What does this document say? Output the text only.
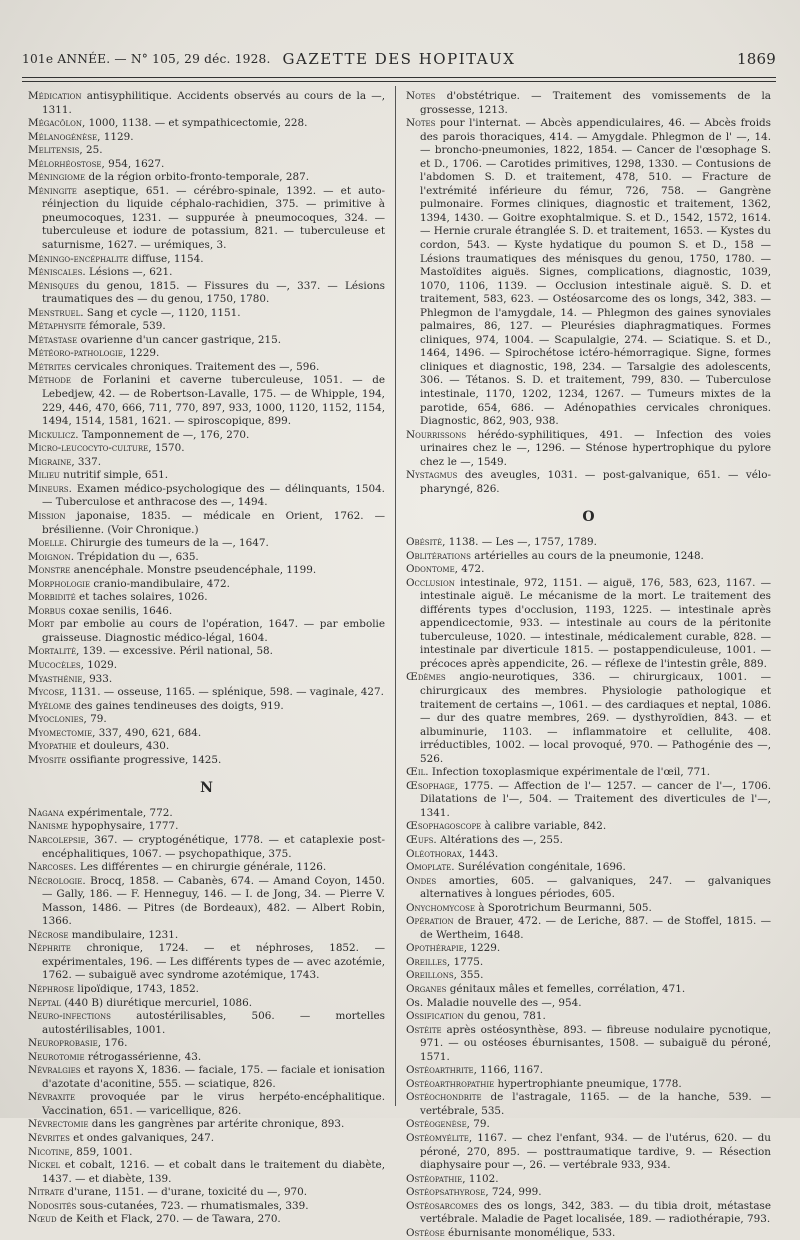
101e ANNÉE. — N° 105, 29 déc. 1928. GAZETTE DES HOPITAUX	1869
Médication antisyphilitique. Accidents observés au cours de la —, 1311.
Mégacôlon, 1000, 1138. — et sympathicectomie, 228.
Mélanogénèse, 1129.
Melitensis, 25.
Mélorhéostose, 954, 1627.
Méningiome de la région orbito-fronto-temporale, 287.
Méningite aseptique, 651. — cérébro-spinale, 1392. — et auto-réinjection du liquide céphalo-rachidien, 375. — primitive à pneumocoques, 1231. — suppurée à pneumocoques, 324. — tuberculeuse et iodure de potassium, 821. — tuberculeuse et saturnisme, 1627. — urémiques, 3.
Méningo-encéphalite diffuse, 1154.
Méniscales. Lésions —, 621.
Ménisques du genou, 1815. — Fissures du —, 337. — Lésions traumatiques des — du genou, 1750, 1780.
Menstruel. Sang et cycle —, 1120, 1151.
Métaphysite fémorale, 539.
Métastase ovarienne d'un cancer gastrique, 215.
Météoro-pathologie, 1229.
Métrites cervicales chroniques. Traitement des —, 596.
Méthode de Forlanini et caverne tuberculeuse, 1051. — de Lebedjew, 42. — de Robertson-Lavalle, 175. — de Whipple, 194, 229, 446, 470, 666, 711, 770, 897, 933, 1000, 1120, 1152, 1154, 1494, 1514, 1581, 1621. — spiroscopique, 899.
Mickulicz. Tamponnement de —, 176, 270.
Micro-leucocyto-culture, 1570.
Migraine, 337.
Milieu nutritif simple, 651.
Mineurs. Examen médico-psychologique des — délinquants, 1504. — Tuberculose et anthracose des —, 1494.
Mission japonaise, 1835. — médicale en Orient, 1762. — brésilienne. (Voir Chronique.)
Moelle. Chirurgie des tumeurs de la —, 1647.
Moignon. Trépidation du —, 635.
Monstre anencéphale. Monstre pseudencéphale, 1199.
Morphologie cranio-mandibulaire, 472.
Morbidité et taches solaires, 1026.
Morbus coxae senilis, 1646.
Mort par embolie au cours de l'opération, 1647. — par embolie graisseuse. Diagnostic médico-légal, 1604.
Mortalité, 139. — excessive. Péril national, 58.
Mucocèles, 1029.
Myasthénie, 933.
Mycose, 1131. — osseuse, 1165. — splénique, 598. — vaginale, 427.
Myélome des gaines tendineuses des doigts, 919.
Myoclonies, 79.
Myomectomie, 337, 490, 621, 684.
Myopathie et douleurs, 430.
Myosite ossifiante progressive, 1425.
N
Nagana expérimentale, 772.
Nanisme hypophysaire, 1777.
Narcolepsie, 367. — cryptogénétique, 1778. — et cataplexie post-encéphalitiques, 1067. — psychopathique, 375.
Narcoses. Les différentes — en chirurgie générale, 1126.
Nécrologie. Brocq, 1858. — Cabanès, 674. — Amand Coyon, 1450. — Gally, 186. — F. Henneguy, 146. — I. de Jong, 34. — Pierre V. Masson, 1486. — Pitres (de Bordeaux), 482. — Albert Robin, 1366.
Nécrose mandibulaire, 1231.
Néphrite chronique, 1724. — et néphroses, 1852. — expérimentales, 196. — Les différents types de — avec azotémie, 1762. — subaiguë avec syndrome azotémique, 1743.
Néphrose lipoïdique, 1743, 1852.
Neptal (440 B) diurétique mercuriel, 1086.
Neuro-infections autostérilisables, 506. — mortelles autostérilisables, 1001.
Neuroprobasie, 176.
Neurotomie rétrogassérienne, 43.
Névralgies et rayons X, 1836. — faciale, 175. — faciale et ionisation d'azotate d'aconitine, 555. — sciatique, 826.
Névraxite provoquée par le virus herpéto-encéphalitique. Vaccination, 651. — varicellique, 826.
Névrectomie dans les gangrènes par artérite chronique, 893.
Névrites et ondes galvaniques, 247.
Nicotine, 859, 1001.
Nickel et cobalt, 1216. — et cobalt dans le traitement du diabète, 1437. — et diabète, 139.
Nitrate d'urane, 1151. — d'urane, toxicité du —, 970.
Nodosités sous-cutanées, 723. — rhumatismales, 339.
Nœud de Keith et Flack, 270. — de Tawara, 270.
Notes d'obstétrique. — Traitement des vomissements de la grossesse, 1213.
Notes pour l'internat. — Abcès appendiculaires, 46. — Abcès froids des parois thoraciques, 414. — Amygdale. Phlegmon de l' —, 14. — broncho-pneumonies, 1822, 1854. — Cancer de l'œsophage S. et D., 1706. — Carotides primitives, 1298, 1330. — Contusions de l'abdomen S. D. et traitement, 478, 510. — Fracture de l'extrémité inférieure du fémur, 726, 758. — Gangrène pulmonaire. Formes cliniques, diagnostic et traitement, 1362, 1394, 1430. — Goitre exophtalmique. S. et D., 1542, 1572, 1614. — Hernie crurale étranglée S. D. et traitement, 1653. — Kystes du cordon, 543. — Kyste hydatique du poumon S. et D., 158 — Lésions traumatiques des ménisques du genou, 1750, 1780. — Mastoïdites aiguës. Signes, complications, diagnostic, 1039, 1070, 1106, 1139. — Occlusion intestinale aiguë. S. D. et traitement, 583, 623. — Ostéosarcome des os longs, 342, 383. — Phlegmon de l'amygdale, 14. — Phlegmon des gaines synoviales palmaires, 86, 127. — Pleurésies diaphragmatiques. Formes cliniques, 974, 1004. — Scapulalgie, 274. — Sciatique. S. et D., 1464, 1496. — Spirochétose ictéro-hémorragique. Signe, formes cliniques et diagnostic, 198, 234. — Tarsalgie des adolescents, 306. — Tétanos. S. D. et traitement, 799, 830. — Tuberculose intestinale, 1170, 1202, 1234, 1267. — Tumeurs mixtes de la parotide, 654, 686. — Adénopathies cervicales chroniques. Diagnostic, 862, 903, 938.
Nourrissons hérédo-syphilitiques, 491. — Infection des voies urinaires chez le —, 1296. — Sténose hypertrophique du pylore chez le —, 1549.
Nystagmus des aveugles, 1031. — post-galvanique, 651. — vélo-pharyngé, 826.
O
Obésité, 1138. — Les —, 1757, 1789.
Oblitérations artérielles au cours de la pneumonie, 1248.
Odontome, 472.
Occlusion intestinale, 972, 1151. — aiguë, 176, 583, 623, 1167. — intestinale aiguë. Le mécanisme de la mort. Le traitement des différents types d'occlusion, 1193, 1225. — intestinale après appendicectomie, 933. — intestinale au cours de la péritonite tuberculeuse, 1020. — intestinale, médicalement curable, 828. — intestinale par diverticule 1815. — postappendiculeuse, 1001. — précoces après appendicite, 26. — réflexe de l'intestin grêle, 889.
Œdèmes angio-neurotiques, 336. — chirurgicaux, 1001. — chirurgicaux des membres. Physiologie pathologique et traitement de certains —, 1061. — des cardiaques et neptal, 1086. — dur des quatre membres, 269. — dysthyroïdien, 843. — et albuminurie, 1103. — inflammatoire et cellulite, 408. irréductibles, 1002. — local provoqué, 970. — Pathogénie des —, 526.
Œil. Infection toxoplasmique expérimentale de l'œil, 771.
Œsophage, 1775. — Affection de l'— 1257. — cancer de l'—, 1706. Dilatations de l'—, 504. — Traitement des diverticules de l'—, 1341.
Œsophagoscope à calibre variable, 842.
Œufs. Altérations des —, 255.
Oléothorax, 1443.
Omoplate. Surélévation congénitale, 1696.
Ondes amorties, 605. — galvaniques, 247. — galvaniques alternatives à longues périodes, 605.
Onychomycose à Sporotrichum Beurmanni, 505.
Opération de Brauer, 472. — de Leriche, 887. — de Stoffel, 1815. — de Wertheim, 1648.
Opothérapie, 1229.
Oreilles, 1775.
Oreillons, 355.
Organes génitaux mâles et femelles, corrélation, 471.
Os. Maladie nouvelle des —, 954.
Ossification du genou, 781.
Ostéite après ostéosynthèse, 893. — fibreuse nodulaire pycnotique, 971. — ou ostéoses éburnisantes, 1508. — subaiguë du péroné, 1571.
Ostéoarthrite, 1166, 1167.
Ostéoarthropathie hypertrophiante pneumique, 1778.
Ostéochondrite de l'astragale, 1165. — de la hanche, 539. — vertébrale, 535.
Ostéogenèse, 79.
Ostéomyélite, 1167. — chez l'enfant, 934. — de l'utérus, 620. — du péroné, 270, 895. — posttraumatique tardive, 9. — Résection diaphysaire pour —, 26. — vertébrale 933, 934.
Ostéopathie, 1102.
Ostéopsathyrose, 724, 999.
Ostéosarcomes des os longs, 342, 383. — du tibia droit, métastase vertébrale. Maladie de Paget localisée, 189. — radiothérapie, 793.
Ostéose éburnisante monomélique, 533.
